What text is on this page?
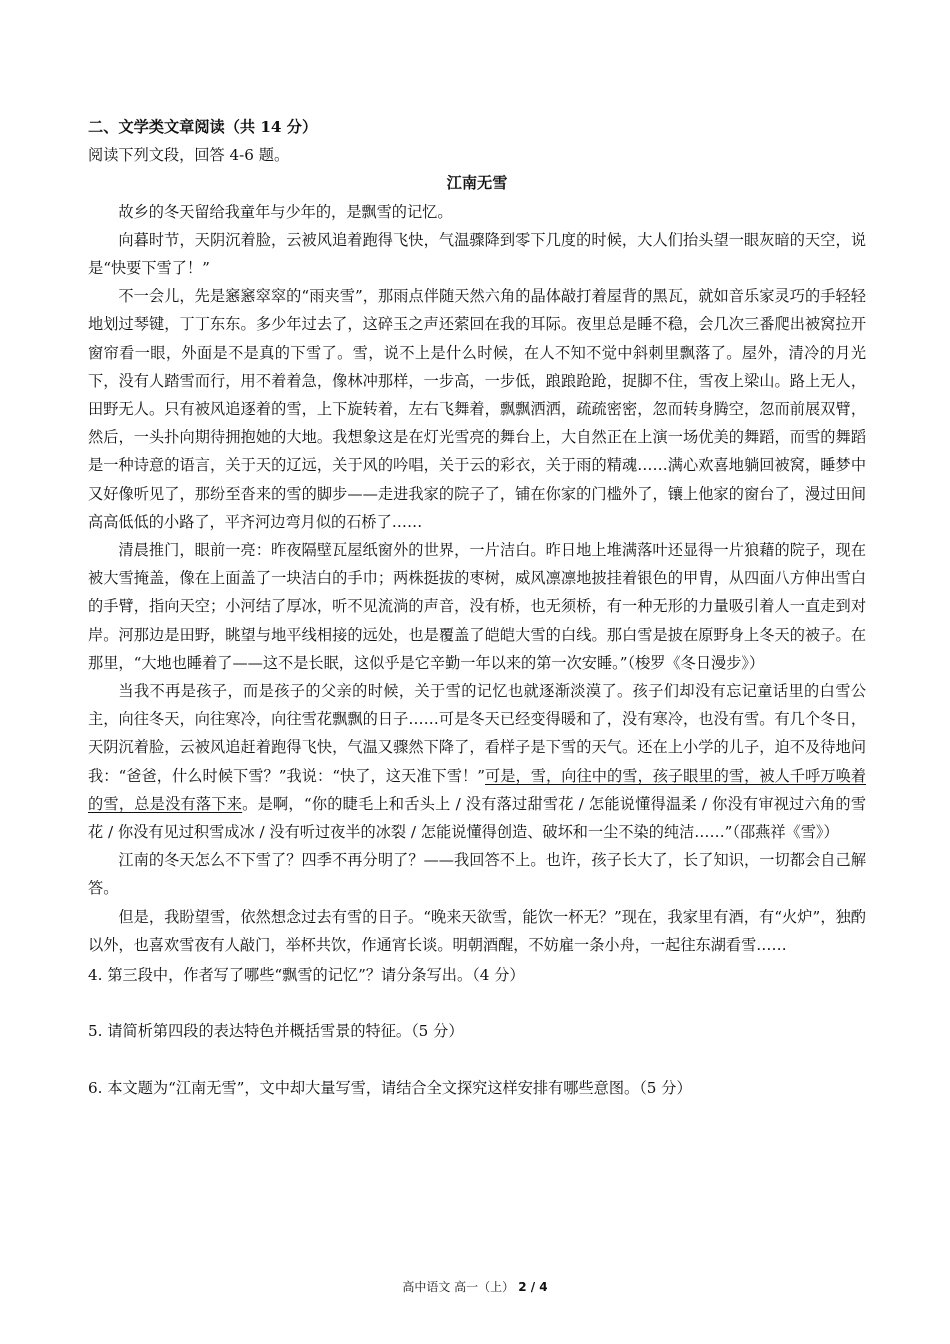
二、文学类文章阅读（共 14 分）

阅读下列文段，回答 4-6 题。

江南无雪

故乡的冬天留给我童年与少年的，是飘雪的记忆。

向暮时节，天阴沉着脸，云被风追着跑得飞快，气温骤降到零下几度的时候，大人们抬头望一眼灰暗的天空，说是“快要下雪了！”

不一会儿，先是窸窸窣窣的“雨夹雪”，那雨点伴随天然六角的晶体敲打着屋背的黑瓦，就如音乐家灵巧的手轻轻地划过琴键，丁丁东东。多少年过去了，这碎玉之声还萦回在我的耳际。夜里总是睡不稳，会几次三番爬出被窝拉开窗帘看一眼，外面是不是真的下雪了。雪，说不上是什么时候，在人不知不觉中斜刺里飘落了。屋外，清冷的月光下，没有人踏雪而行，用不着着急，像林冲那样，一步高，一步低，踉踉跄跄，捉脚不住，雪夜上梁山。路上无人，田野无人。只有被风追逐着的雪，上下旋转着，左右飞舞着，飘飘洒洒，疏疏密密，忽而转身腾空，忽而前展双臂，然后，一头扑向期待拥抱她的大地。我想象这是在灯光雪亮的舞台上，大自然正在上演一场优美的舞蹈，而雪的舞蹈是一种诗意的语言，关于天的辽远，关于风的吟唱，关于云的彩衣，关于雨的精魂……满心欢喜地躺回被窝，睡梦中又好像听见了，那纷至沓来的雪的脚步——走进我家的院子了，铺在你家的门槛外了，镶上他家的窗台了，漫过田间高高低低的小路了，平齐河边弯月似的石桥了……

清晨推门，眼前一亮：昨夜隔壁瓦屋纸窗外的世界，一片洁白。昨日地上堆满落叶还显得一片狼藉的院子，现在被大雪掩盖，像在上面盖了一块洁白的手巾；两株挺拔的枣树，威风凛凛地披挂着银色的甲胄，从四面八方伸出雪白的手臂，指向天空；小河结了厚冰，听不见流淌的声音，没有桥，也无须桥，有一种无形的力量吸引着人一直走到对岸。河那边是田野，眺望与地平线相接的远处，也是覆盖了皑皑大雪的白线。那白雪是披在原野身上冬天的被子。在那里，“大地也睡着了——这不是长眠，这似乎是它辛勤一年以来的第一次安睡。”（梭罗《冬日漫步》）

当我不再是孩子，而是孩子的父亲的时候，关于雪的记忆也就逐渐淡漠了。孩子们却没有忘记童话里的白雪公主，向往冬天，向往寒冷，向往雪花飘飘的日子……可是冬天已经变得暖和了，没有寒冷，也没有雪。有几个冬日，天阴沉着脸，云被风追赶着跑得飞快，气温又骤然下降了，看样子是下雪的天气。还在上小学的儿子，迫不及待地问我：“爸爸，什么时候下雪？”我说：“快了，这天准下雪！”可是，雪，向往中的雪，孩子眼里的雪，被人千呼万唤着的雪，总是没有落下来。是啊，“你的睫毛上和舌头上 / 没有落过甜雪花 / 怎能说懂得温柔 / 你没有审视过六角的雪花 / 你没有见过积雪成冰 / 没有听过夜半的冰裂 / 怎能说懂得创造、破坏和一尘不染的纯洁……”（邵燕祥《雪》）

江南的冬天怎么不下雪了？四季不再分明了？——我回答不上。也许，孩子长大了，长了知识，一切都会自己解答。

但是，我盼望雪，依然想念过去有雪的日子。“晚来天欲雪，能饮一杯无？”现在，我家里有酒，有“火炉”，独酌以外，也喜欢雪夜有人敲门，举杯共饮，作通宵长谈。明朝酒醒，不妨雇一条小舟，一起往东湖看雪……

4. 第三段中，作者写了哪些“飘雪的记忆”？请分条写出。（4 分）

5. 请简析第四段的表达特色并概括雪景的特征。（5 分）

6. 本文题为“江南无雪”，文中却大量写雪，请结合全文探究这样安排有哪些意图。（5 分）

高中语文 高一（上） 2 / 4
